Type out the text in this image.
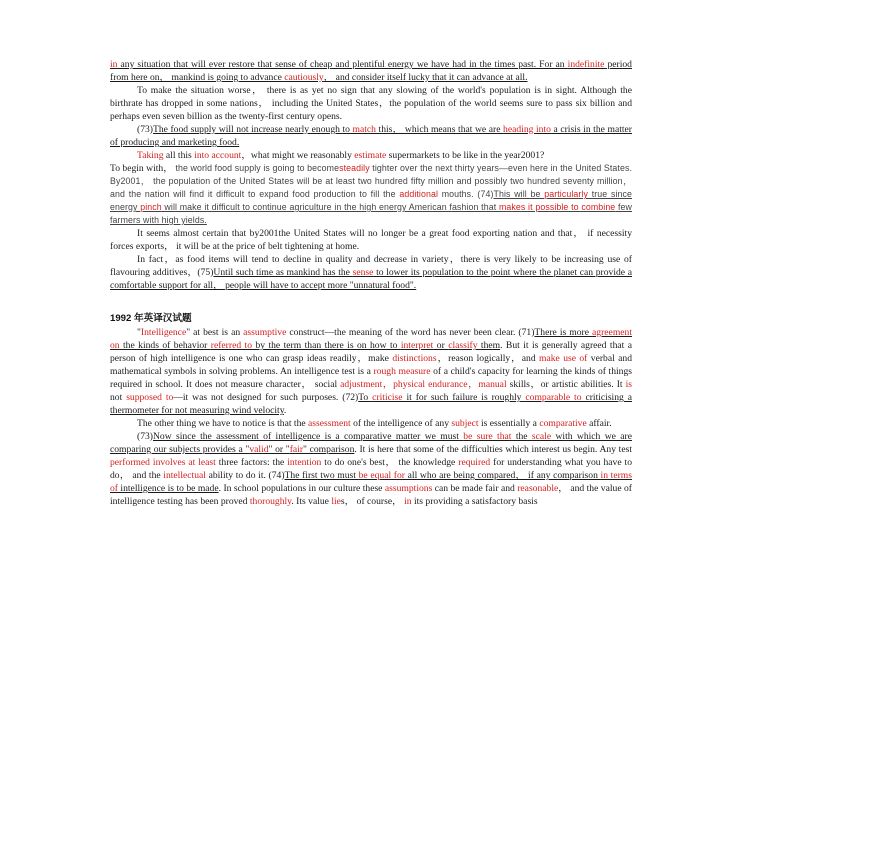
in any situation that will ever restore that sense of cheap and plentiful energy we have had in the times past. For an indefinite period from here on， mankind is going to advance cautiously， and consider itself lucky that it can advance at all.

To make the situation worse， there is as yet no sign that any slowing of the world's population is in sight. Although the birthrate has dropped in some nations， including the United States，the population of the world seems sure to pass six billion and perhaps even seven billion as the twenty-first century opens.

(73)The food supply will not increase nearly enough to match this， which means that we are heading into a crisis in the matter of producing and marketing food.

Taking all this into account，what might we reasonably estimate supermarkets to be like in the year2001?

To begin with， the world food supply is going to becomesteadily tighter over the next thirty years—even here in the United States. By2001， the population of the United States will be at least two hundred fifty million and possibly two hundred seventy million， and the nation will find it difficult to expand food production to fill the additional mouths. (74)This will be particularly true since energy pinch will make it difficult to continue agriculture in the high energy American fashion that makes it possible to combine few farmers with high yields.

It seems almost certain that by2001the United States will no longer be a great food exporting nation and that， if necessity forces exports， it will be at the price of belt tightening at home.

In fact，as food items will tend to decline in quality and decrease in variety，there is very likely to be increasing use of flavouring additives，(75)Until such time as mankind has the sense to lower its population to the point where the planet can provide a comfortable support for all， people will have to accept more "unnatural food".

1992 年英译汉试题

"Intelligence" at best is an assumptive construct—the meaning of the word has never been clear. (71)There is more agreement on the kinds of behavior referred to by the term than there is on how to interpret or classify them. But it is generally agreed that a person of high intelligence is one who can grasp ideas readily，make distinctions，reason logically，and make use of verbal and mathematical symbols in solving problems. An intelligence test is a rough measure of a child's capacity for learning the kinds of things required in school. It does not measure character， social adjustment，physical endurance，manual skills，or artistic abilities. It is not supposed to—it was not designed for such purposes. (72)To criticise it for such failure is roughly comparable to criticising a thermometer for not measuring wind velocity.

The other thing we have to notice is that the assessment of the intelligence of any subject is essentially a comparative affair.

(73)Now since the assessment of intelligence is a comparative matter we must be sure that the scale with which we are comparing our subjects provides a "valid" or "fair" comparison. It is here that some of the difficulties which interest us begin. Any test performed involves at least three factors: the intention to do one's best， the knowledge required for understanding what you have to do， and the intellectual ability to do it. (74)The first two must be equal for all who are being compared， if any comparison in terms of intelligence is to be made. In school populations in our culture these assumptions can be made fair and reasonable， and the value of intelligence testing has been proved thoroughly. Its value lies， of course， in its providing a satisfactory basis
